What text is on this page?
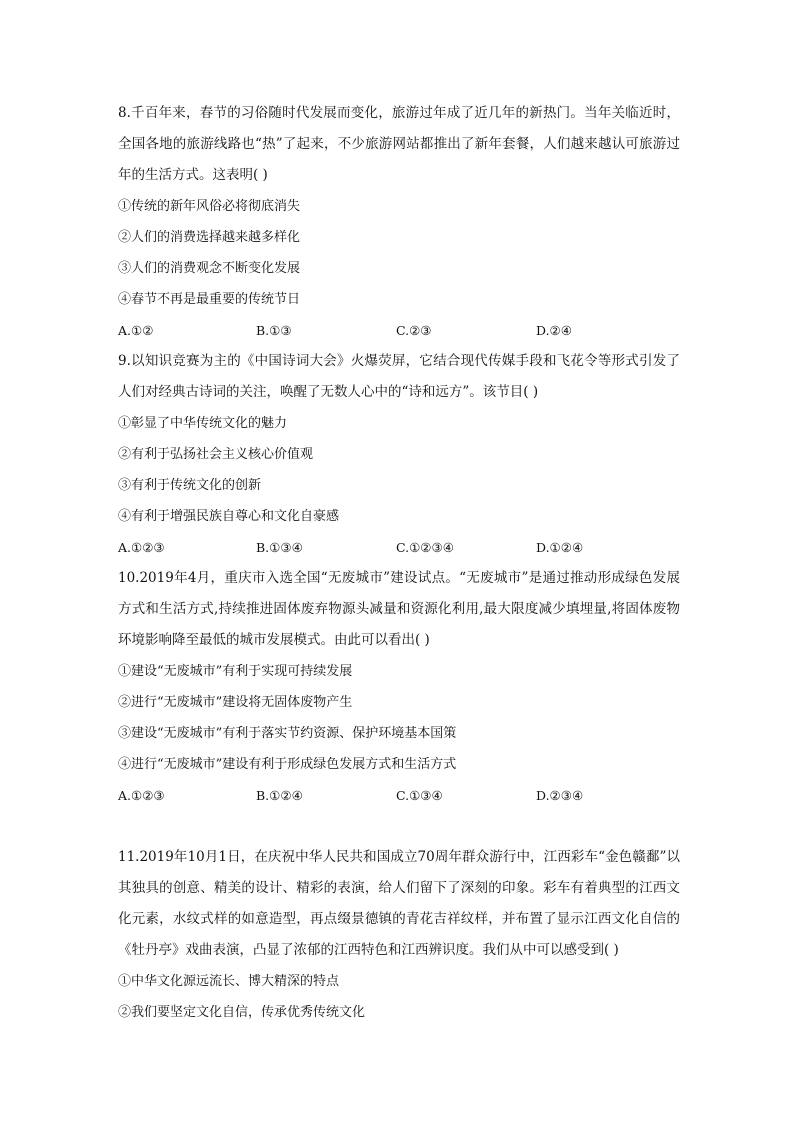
8.千百年来，春节的习俗随时代发展而变化，旅游过年成了近几年的新热门。当年关临近时，全国各地的旅游线路也“热”了起来，不少旅游网站都推出了新年套餐，人们越来越认可旅游过年的生活方式。这表明( )

①传统的新年风俗必将彻底消失

②人们的消费选择越来越多样化

③人们的消费观念不断变化发展

④春节不再是最重要的传统节日

A.①②	B.①③	C.②③	D.②④

9.以知识竞赛为主的《中国诗词大会》火爆荧屏，它结合现代传媒手段和飞花令等形式引发了人们对经典古诗词的关注，唤醒了无数人心中的“诗和远方”。该节目( )

①彰显了中华传统文化的魅力

②有利于弘扬社会主义核心价值观

③有利于传统文化的创新

④有利于增强民族自尊心和文化自豪感

A.①②③	B.①③④	C.①②③④	D.①②④

10.2019年4月，重庆市入选全国“无废城市”建设试点。“无废城市”是通过推动形成绿色发展方式和生活方式,持续推进固体废弃物源头减量和资源化利用,最大限度减少填埋量,将固体废物环境影响降至最低的城市发展模式。由此可以看出( )

①建设“无废城市”有利于实现可持续发展

②进行“无废城市”建设将无固体废物产生

③建设“无废城市”有利于落实节约资源、保护环境基本国策

④进行“无废城市”建设有利于形成绿色发展方式和生活方式

A.①②③	B.①②④	C.①③④	D.②③④

11.2019年10月1日，在庆祝中华人民共和国成立70周年群众游行中，江西彩车“金色赣鄱”以其独具的创意、精美的设计、精彩的表演，给人们留下了深刻的印象。彩车有着典型的江西文化元素，水纹式样的如意造型，再点缀景德镇的青花吉祥纹样，并布置了显示江西文化自信的《牡丹亭》戏曲表演，凸显了浓郁的江西特色和江西辨识度。我们从中可以感受到( )

①中华文化源远流长、博大精深的特点

②我们要坚定文化自信，传承优秀传统文化
